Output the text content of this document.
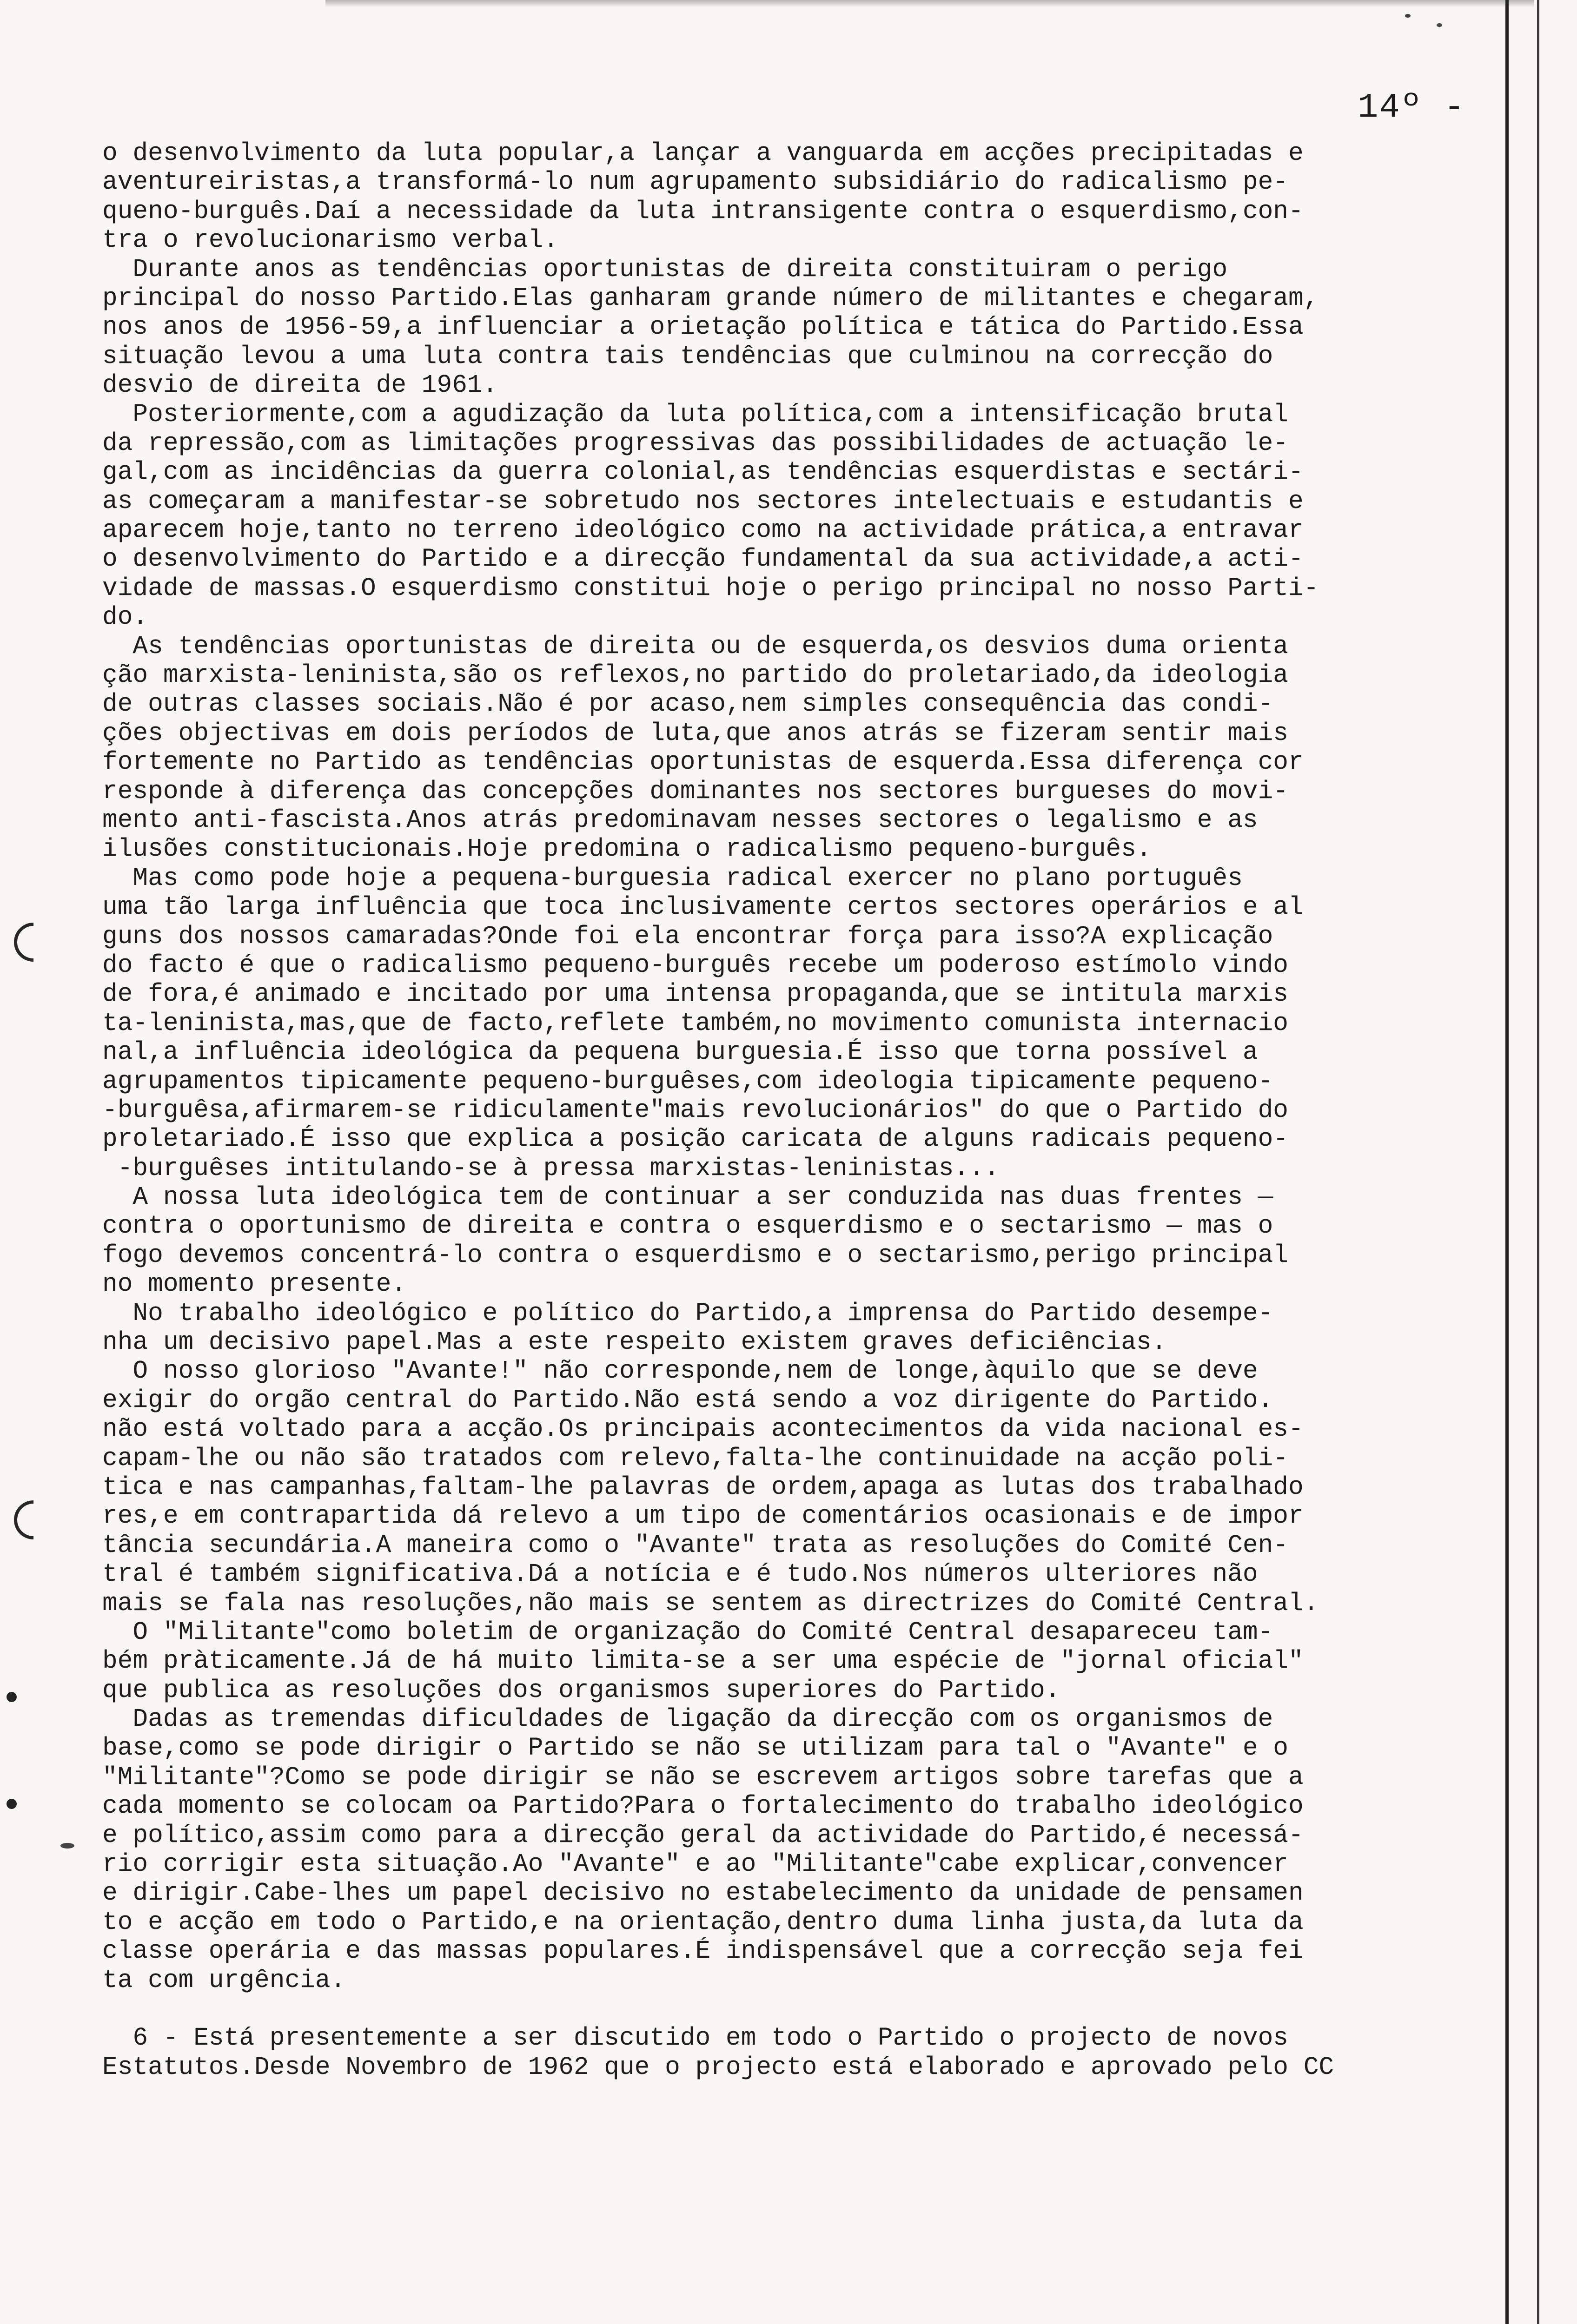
14º -
o desenvolvimento da luta popular,a lançar a vanguarda em acções precipitadas e
aventureiristas,a transformá-lo num agrupamento subsidiário do radicalismo pe-
queno-burguês.Daí a necessidade da luta intransigente contra o esquerdismo,con-
tra o revolucionarismo verbal.
Durante anos as tendências oportunistas de direita constituiram o perigo
principal do nosso Partido.Elas ganharam grande número de militantes e chegaram,
nos anos de 1956-59,a influenciar a orietação política e tática do Partido.Essa
situação levou a uma luta contra tais tendências que culminou na correcção do
desvio de direita de 1961.
Posteriormente,com a agudização da luta política,com a intensificação brutal
da repressão,com as limitações progressivas das possibilidades de actuação le-
gal,com as incidências da guerra colonial,as tendências esquerdistas e sectári-
as começaram a manifestar-se sobretudo nos sectores intelectuais e estudantis e
aparecem hoje,tanto no terreno ideológico como na actividade prática,a entravar
o desenvolvimento do Partido e a direcção fundamental da sua actividade,a acti-
vidade de massas.O esquerdismo constitui hoje o perigo principal no nosso Parti-
do.
As tendências oportunistas de direita ou de esquerda,os desvios duma orienta
ção marxista-leninista,são os reflexos,no partido do proletariado,da ideologia
de outras classes sociais.Não é por acaso,nem simples consequência das condi-
ções objectivas em dois períodos de luta,que anos atrás se fizeram sentir mais
fortemente no Partido as tendências oportunistas de esquerda.Essa diferença cor
responde à diferença das concepções dominantes nos sectores burgueses do movi-
mento anti-fascista.Anos atrás predominavam nesses sectores o legalismo e as
ilusões constitucionais.Hoje predomina o radicalismo pequeno-burguês.
Mas como pode hoje a pequena-burguesia radical exercer no plano português
uma tão larga influência que toca inclusivamente certos sectores operários e al
guns dos nossos camaradas?Onde foi ela encontrar força para isso?A explicação
do facto é que o radicalismo pequeno-burguês recebe um poderoso estímolo vindo
de fora,é animado e incitado por uma intensa propaganda,que se intitula marxis
ta-leninista,mas,que de facto,reflete também,no movimento comunista internacio
nal,a influência ideológica da pequena burguesia.É isso que torna possível a
agrupamentos tipicamente pequeno-burguêses,com ideologia tipicamente pequeno-
-burguêsa,afirmarem-se ridiculamente"mais revolucionários" do que o Partido do
proletariado.É isso que explica a posição caricata de alguns radicais pequeno-
-burguêses intitulando-se à pressa marxistas-leninistas...
A nossa luta ideológica tem de continuar a ser conduzida nas duas frentes —
contra o oportunismo de direita e contra o esquerdismo e o sectarismo — mas o
fogo devemos concentrá-lo contra o esquerdismo e o sectarismo,perigo principal
no momento presente.
No trabalho ideológico e político do Partido,a imprensa do Partido desempe-
nha um decisivo papel.Mas a este respeito existem graves deficiências.
O nosso glorioso "Avante!" não corresponde,nem de longe,àquilo que se deve
exigir do orgão central do Partido.Não está sendo a voz dirigente do Partido.
não está voltado para a acção.Os principais acontecimentos da vida nacional es-
capam-lhe ou não são tratados com relevo,falta-lhe continuidade na acção poli-
tica e nas campanhas,faltam-lhe palavras de ordem,apaga as lutas dos trabalhado
res,e em contrapartida dá relevo a um tipo de comentários ocasionais e de impor
tância secundária.A maneira como o "Avante" trata as resoluções do Comité Cen-
tral é também significativa.Dá a notícia e é tudo.Nos números ulteriores não
mais se fala nas resoluções,não mais se sentem as directrizes do Comité Central.
O "Militante"como boletim de organização do Comité Central desapareceu tam-
bém pràticamente.Já de há muito limita-se a ser uma espécie de "jornal oficial"
que publica as resoluções dos organismos superiores do Partido.
Dadas as tremendas dificuldades de ligação da direcção com os organismos de
base,como se pode dirigir o Partido se não se utilizam para tal o "Avante" e o
"Militante"?Como se pode dirigir se não se escrevem artigos sobre tarefas que a
cada momento se colocam oa Partido?Para o fortalecimento do trabalho ideológico
e político,assim como para a direcção geral da actividade do Partido,é necessá-
rio corrigir esta situação.Ao "Avante" e ao "Militante"cabe explicar,convencer
e dirigir.Cabe-lhes um papel decisivo no estabelecimento da unidade de pensamen
to e acção em todo o Partido,e na orientação,dentro duma linha justa,da luta da
classe operária e das massas populares.É indispensável que a correcção seja fei
ta com urgência.
6 - Está presentemente a ser discutido em todo o Partido o projecto de novos
Estatutos.Desde Novembro de 1962 que o projecto está elaborado e aprovado pelo CC
